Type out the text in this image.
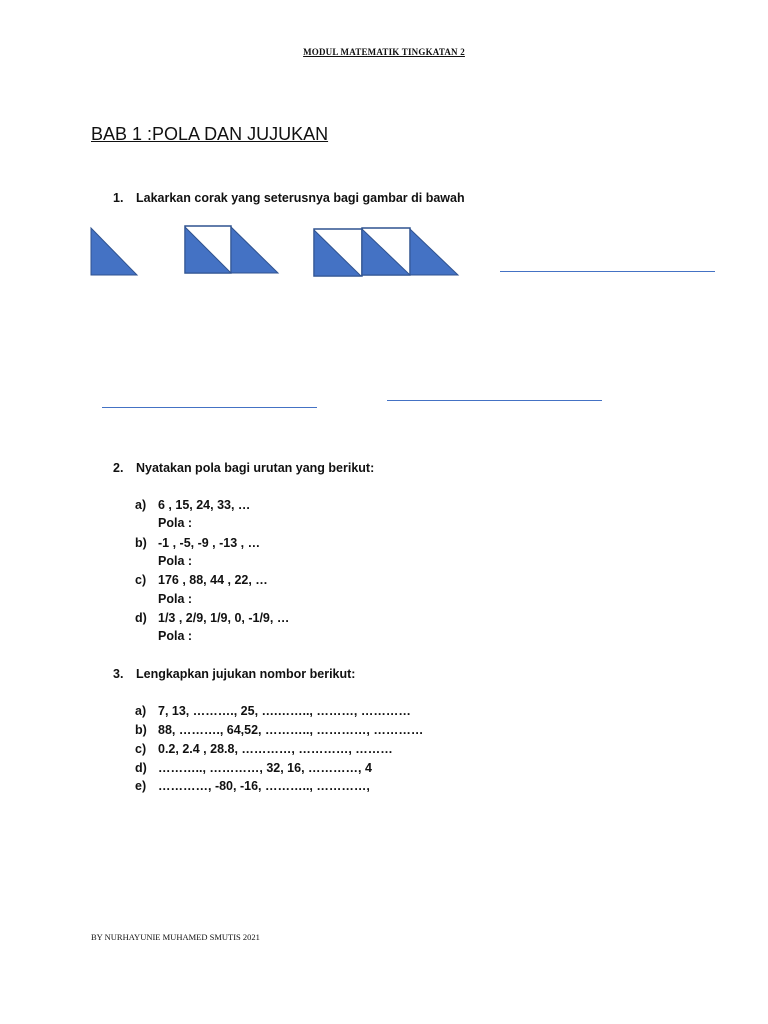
MODUL MATEMATIK TINGKATAN 2
BAB 1 :POLA DAN JUJUKAN
1. Lakarkan corak yang seterusnya bagi gambar di bawah
2. Nyatakan pola bagi urutan yang berikut:
a) 6 , 15, 24, 33, …
Pola :
b) -1 , -5, -9 , -13 , …
Pola :
c) 176 , 88, 44 , 22, …
Pola :
d) 1/3 , 2/9, 1/9, 0, -1/9, …
Pola :
3. Lengkapkan jujukan nombor berikut:
a) 7, 13, ………., 25, ….…….., ………, …………
b) 88, ………., 64,52, ……….., …………, …………
c) 0.2, 2.4 , 28.8, …………, …………, ………
d) ……….., …………, 32, 16, …………, 4
e) …………, -80, -16, ……….., …………,
BY NURHAYUNIE MUHAMED SMUTIS 2021
